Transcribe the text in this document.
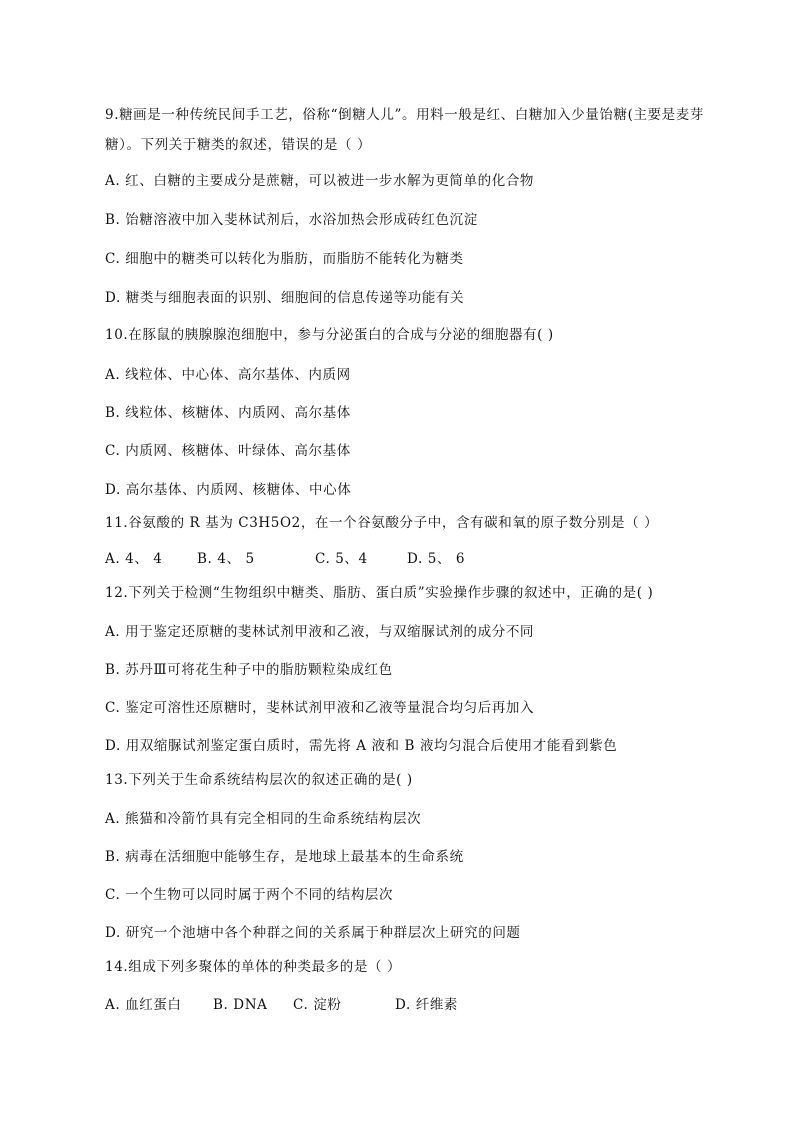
9.糖画是一种传统民间手工艺，俗称“倒糖人儿”。用料一般是红、白糖加入少量饴糖(主要是麦芽
糖）。下列关于糖类的叙述，错误的是（ ）
A. 红、白糖的主要成分是蔗糖，可以被进一步水解为更简单的化合物
B. 饴糖溶液中加入斐林试剂后，水浴加热会形成砖红色沉淀
C. 细胞中的糖类可以转化为脂肪，而脂肪不能转化为糖类
D. 糖类与细胞表面的识别、细胞间的信息传递等功能有关
10.在豚鼠的胰腺腺泡细胞中，参与分泌蛋白的合成与分泌的细胞器有( )
A. 线粒体、中心体、高尔基体、内质网
B. 线粒体、核糖体、内质网、高尔基体
C. 内质网、核糖体、叶绿体、高尔基体
D. 高尔基体、内质网、核糖体、中心体
11.谷氨酸的 R 基为 C3H5O2，在一个谷氨酸分子中，含有碳和氧的原子数分别是（ ）
A. 4、 4	B. 4、 5	C. 5、4	D. 5、 6
12.下列关于检测“生物组织中糖类、脂肪、蛋白质”实验操作步骤的叙述中，正确的是( )
A. 用于鉴定还原糖的斐林试剂甲液和乙液，与双缩脲试剂的成分不同
B. 苏丹Ⅲ可将花生种子中的脂肪颗粒染成红色
C. 鉴定可溶性还原糖时，斐林试剂甲液和乙液等量混合均匀后再加入
D. 用双缩脲试剂鉴定蛋白质时，需先将 A 液和 B 液均匀混合后使用才能看到紫色
13.下列关于生命系统结构层次的叙述正确的是( )
A. 熊猫和冷箭竹具有完全相同的生命系统结构层次
B. 病毒在活细胞中能够生存，是地球上最基本的生命系统
C. 一个生物可以同时属于两个不同的结构层次
D. 研究一个池塘中各个种群之间的关系属于种群层次上研究的问题
14.组成下列多聚体的单体的种类最多的是（ ）
A. 血红蛋白 B. DNA C. 淀粉	D. 纤维素
